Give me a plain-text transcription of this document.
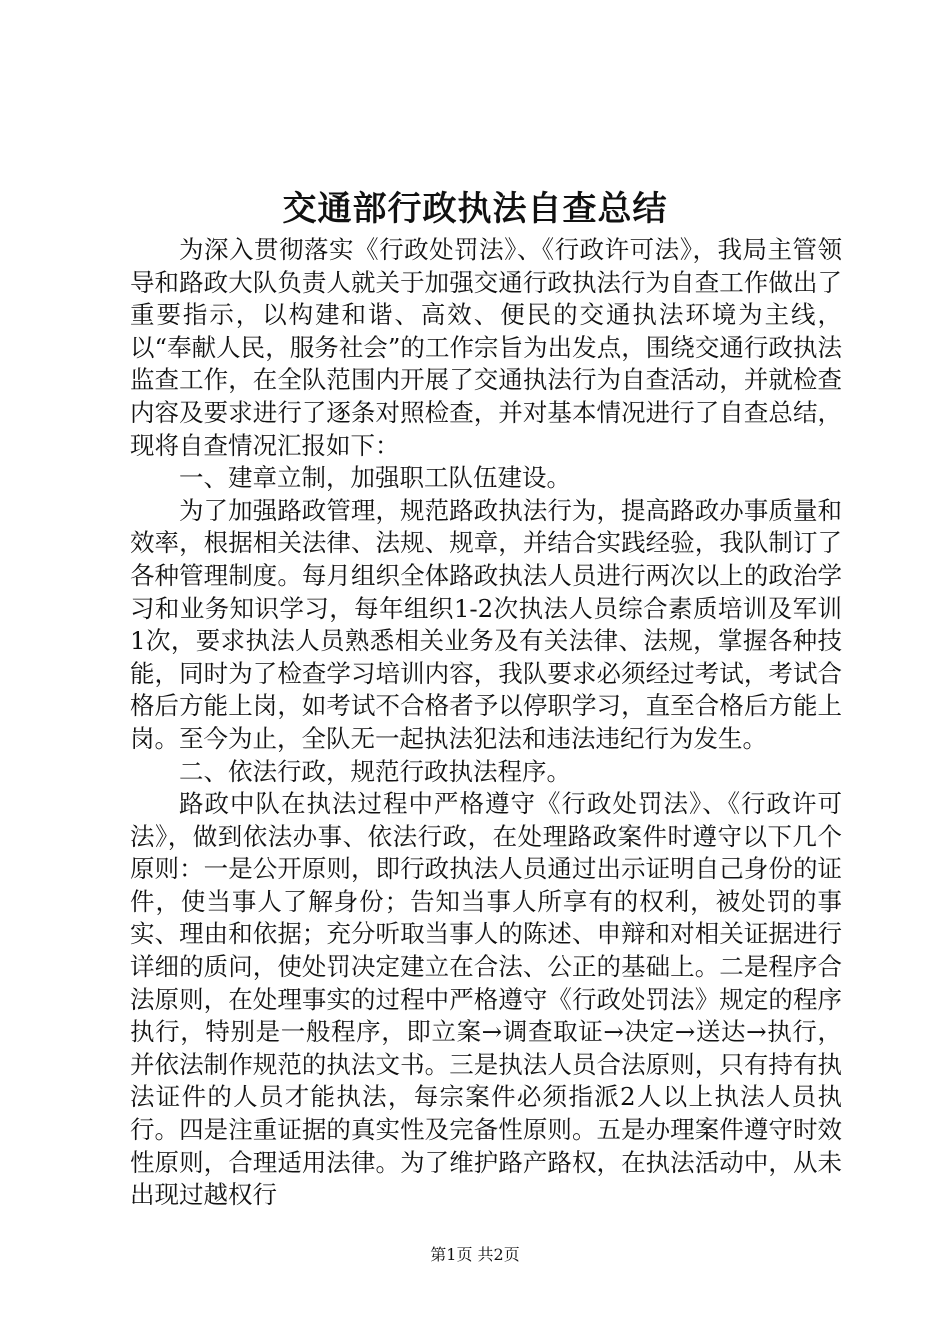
交通部行政执法自查总结

为深入贯彻落实《行政处罚法》、《行政许可法》，我局主管领导和路政大队负责人就关于加强交通行政执法行为自查工作做出了重要指示，以构建和谐、高效、便民的交通执法环境为主线，以“奉献人民，服务社会”的工作宗旨为出发点，围绕交通行政执法监查工作，在全队范围内开展了交通执法行为自查活动，并就检查内容及要求进行了逐条对照检查，并对基本情况进行了自查总结，现将自查情况汇报如下：

一、建章立制，加强职工队伍建设。

为了加强路政管理，规范路政执法行为，提高路政办事质量和效率，根据相关法律、法规、规章，并结合实践经验，我队制订了各种管理制度。每月组织全体路政执法人员进行两次以上的政治学习和业务知识学习，每年组织1-2次执法人员综合素质培训及军训1次，要求执法人员熟悉相关业务及有关法律、法规，掌握各种技能，同时为了检查学习培训内容，我队要求必须经过考试，考试合格后方能上岗，如考试不合格者予以停职学习，直至合格后方能上岗。至今为止，全队无一起执法犯法和违法违纪行为发生。

二、依法行政，规范行政执法程序。

路政中队在执法过程中严格遵守《行政处罚法》、《行政许可法》，做到依法办事、依法行政，在处理路政案件时遵守以下几个原则：一是公开原则，即行政执法人员通过出示证明自己身份的证件，使当事人了解身份；告知当事人所享有的权利，被处罚的事实、理由和依据；充分听取当事人的陈述、申辩和对相关证据进行详细的质问，使处罚决定建立在合法、公正的基础上。二是程序合法原则，在处理事实的过程中严格遵守《行政处罚法》规定的程序执行，特别是一般程序，即立案→调查取证→决定→送达→执行，并依法制作规范的执法文书。三是执法人员合法原则，只有持有执法证件的人员才能执法，每宗案件必须指派2人以上执法人员执行。四是注重证据的真实性及完备性原则。五是办理案件遵守时效性原则，合理适用法律。为了维护路产路权，在执法活动中，从未出现过越权行

第1页 共2页
